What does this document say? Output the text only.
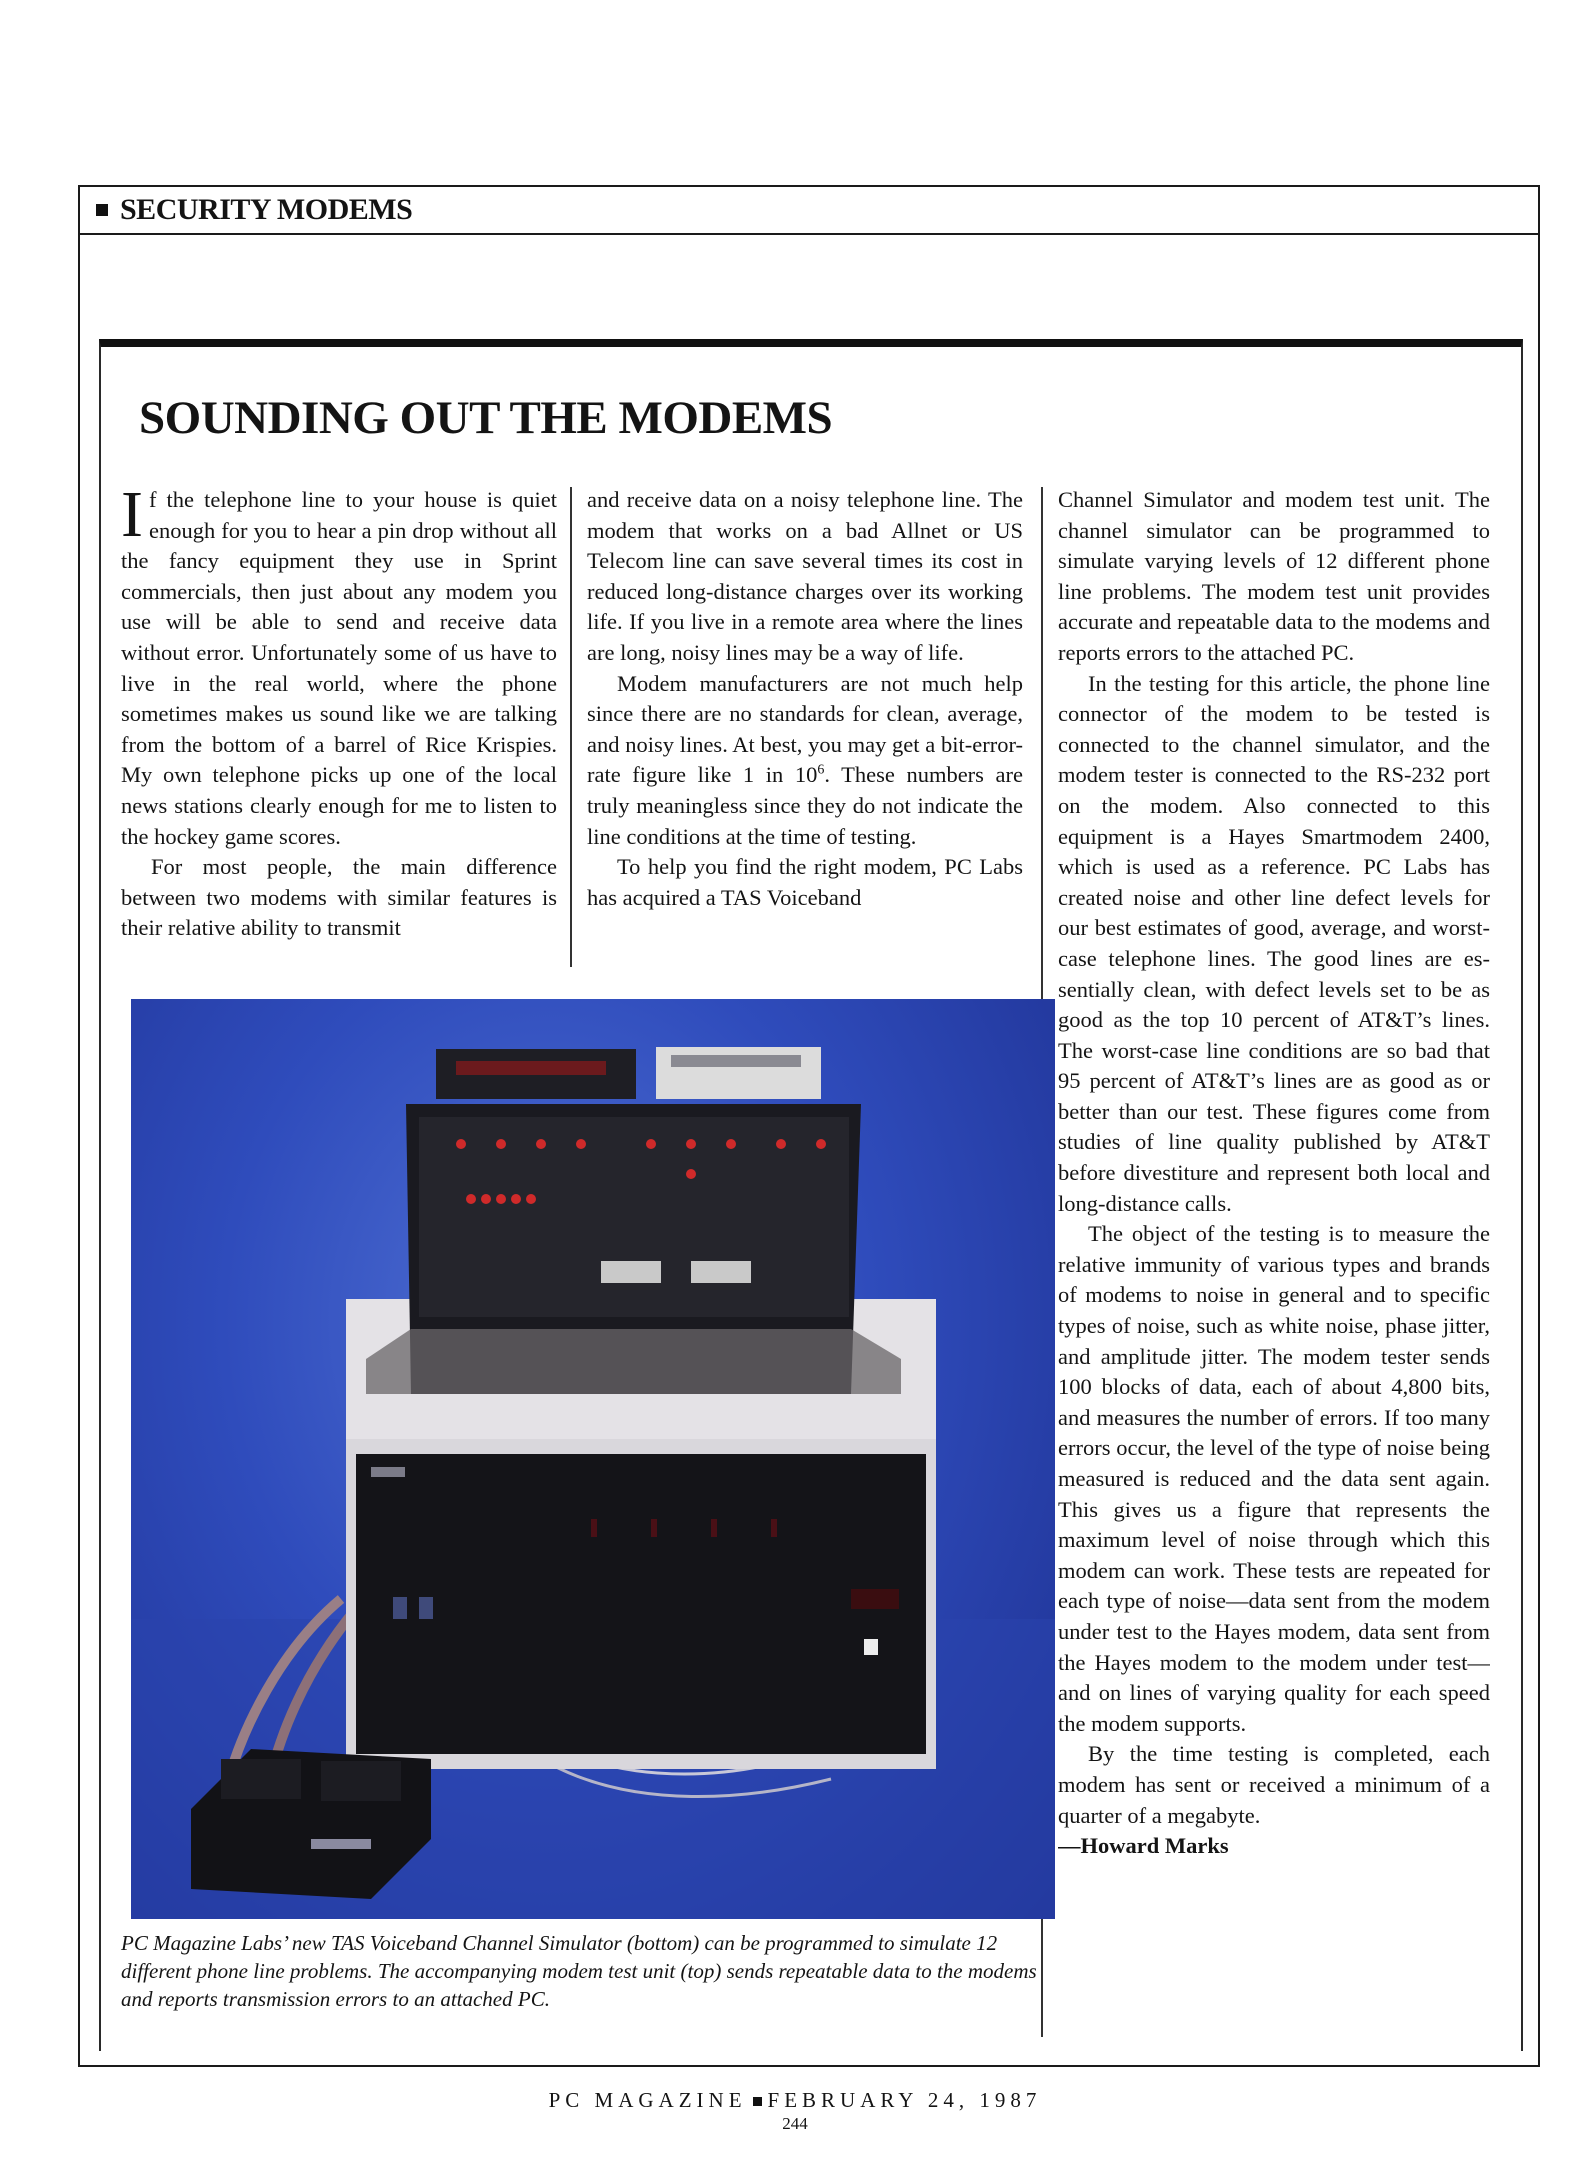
SECURITY MODEMS
SOUNDING OUT THE MODEMS

If the telephone line to your house is quiet enough for you to hear a pin drop without all the fancy equipment they use in Sprint commercials, then just about any modem you use will be able to send and receive data without error. Unfortunately some of us have to live in the real world, where the phone sometimes makes us sound like we are talking from the bottom of a barrel of Rice Krispies. My own telephone picks up one of the local news stations clearly enough for me to listen to the hockey game scores.

For most people, the main difference between two modems with similar features is their relative ability to transmit

and receive data on a noisy telephone line. The modem that works on a bad Allnet or US Telecom line can save several times its cost in reduced long-distance charges over its working life. If you live in a remote area where the lines are long, noisy lines may be a way of life.

Modem manufacturers are not much help since there are no standards for clean, average, and noisy lines. At best, you may get a bit-error-rate figure like 1 in $10^6$. These numbers are truly meaningless since they do not indicate the line conditions at the time of testing.

To help you find the right modem, PC Labs has acquired a TAS Voiceband

Channel Simulator and modem test unit. The channel simulator can be programmed to simulate varying levels of 12 different phone line problems. The modem test unit provides accurate and repeatable data to the modems and reports errors to the attached PC.

In the testing for this article, the phone line connector of the modem to be tested is connected to the channel simulator, and the modem tester is connected to the RS-232 port on the modem. Also connected to this equipment is a Hayes Smartmodem 2400, which is used as a reference. PC Labs has created noise and other line defect levels for our best estimates of good, average, and worst-case telephone lines. The good lines are essentially clean, with defect levels set to be as good as the top 10 percent of AT&T’s lines. The worst-case line conditions are so bad that 95 percent of AT&T’s lines are as good as or better than our test. These figures come from studies of line quality published by AT&T before divestiture and represent both local and long-distance calls.

The object of the testing is to measure the relative immunity of various types and brands of modems to noise in general and to specific types of noise, such as white noise, phase jitter, and amplitude jitter. The modem tester sends 100 blocks of data, each of about 4,800 bits, and measures the number of errors. If too many errors occur, the level of the type of noise being measured is reduced and the data sent again. This gives us a figure that represents the maximum level of noise through which this modem can work. These tests are repeated for each type of noise—data sent from the modem under test to the Hayes modem, data sent from the Hayes modem to the modem under test—and on lines of varying quality for each speed the modem supports.

By the time testing is completed, each modem has sent or received a minimum of a quarter of a megabyte.

—Howard Marks

PC Magazine Labs’ new TAS Voiceband Channel Simulator (bottom) can be programmed to simulate 12 different phone line problems. The accompanying modem test unit (top) sends repeatable data to the modems and reports transmission errors to an attached PC.

PC MAGAZINE FEBRUARY 24, 1987
244
